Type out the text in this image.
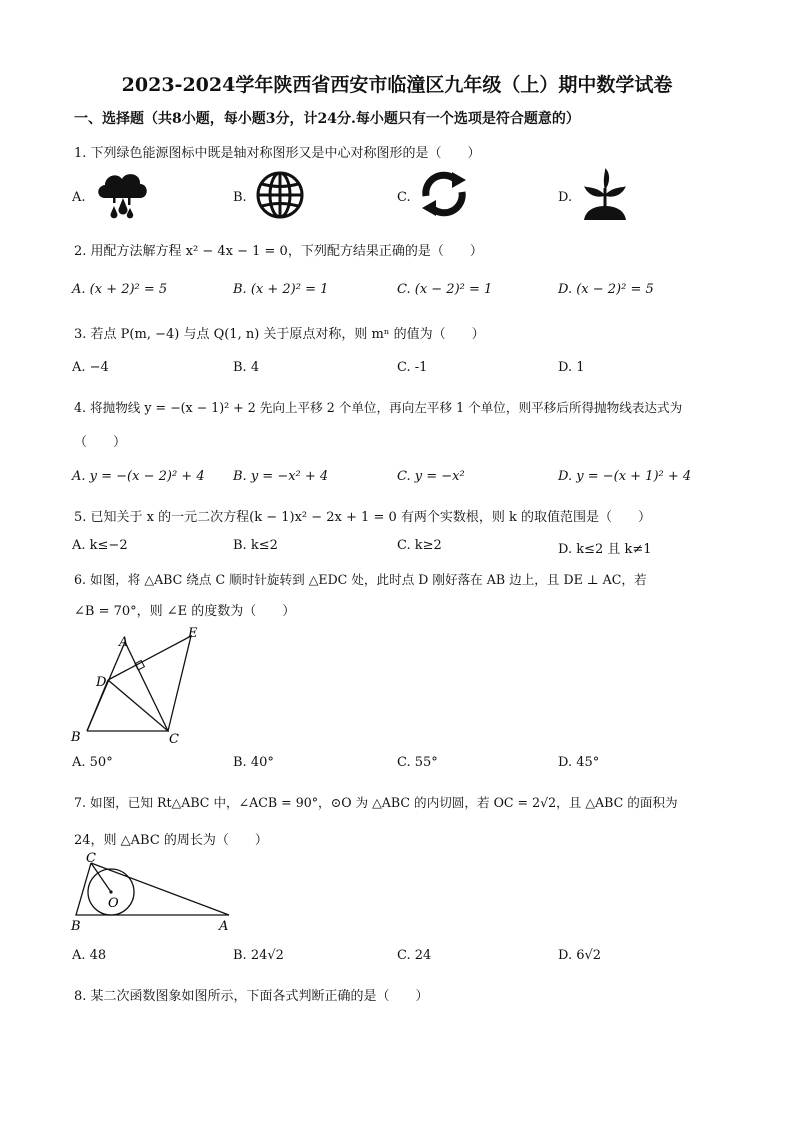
2023-2024学年陕西省西安市临潼区九年级（上）期中数学试卷
一、选择题（共8小题，每小题3分，计24分.每小题只有一个选项是符合题意的）
1. 下列绿色能源图标中既是轴对称图形又是中心对称图形的是（　　）
A.	B.	C.	D.
2. 用配方法解方程 x² − 4x − 1 = 0，下列配方结果正确的是（　　）
A. (x + 2)² = 5	B. (x + 2)² = 1	C. (x − 2)² = 1	D. (x − 2)² = 5
3. 若点 P(m, −4) 与点 Q(1, n) 关于原点对称，则 mⁿ 的值为（　　）
A. −4	B. 4	C. -1	D. 1
4. 将抛物线 y = −(x − 1)² + 2 先向上平移 2 个单位，再向左平移 1 个单位，则平移后所得抛物线表达式为
（　　）
A. y = −(x − 2)² + 4 B. y = −x² + 4	C. y = −x²	D. y = −(x + 1)² + 4
5. 已知关于 x 的一元二次方程(k − 1)x² − 2x + 1 = 0 有两个实数根，则 k 的取值范围是（　　）
A. k≤−2	B. k≤2	C. k≥2	D. k≤2 且 k≠1
6. 如图，将 △ABC 绕点 C 顺时针旋转到 △EDC 处，此时点 D 刚好落在 AB 边上，且 DE ⊥ AC，若
∠B = 70°，则 ∠E 的度数为（　　）
A
E
D
B	C
A. 50°	B. 40°	C. 55°	D. 45°
7. 如图，已知 Rt△ABC 中，∠ACB = 90°，⊙O 为 △ABC 的内切圆，若 OC = 2√2，且 △ABC 的面积为
24，则 △ABC 的周长为（　　）
C
O
B	A
A. 48	B. 24√2	C. 24	D. 6√2
8. 某二次函数图象如图所示，下面各式判断正确的是（　　）
